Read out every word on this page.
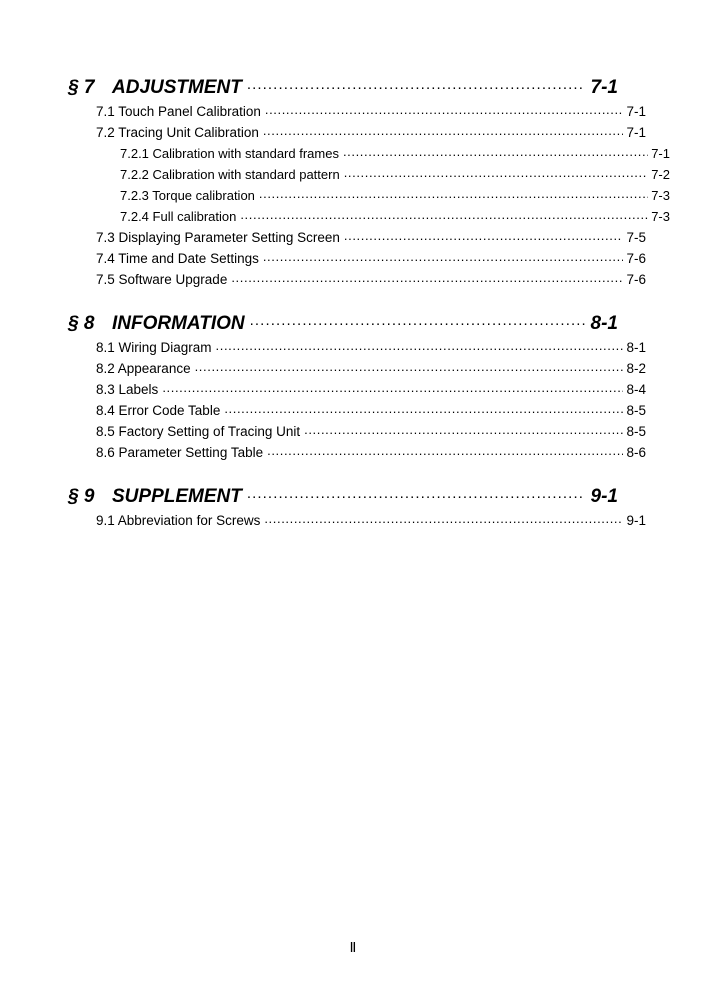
§ 7 ADJUSTMENT .....	7-1
7.1 Touch Panel Calibration .....	7-1
7.2 Tracing Unit Calibration .....	7-1
7.2.1 Calibration with standard frames .....	7-1
7.2.2 Calibration with standard pattern .....	7-2
7.2.3 Torque calibration .....	7-3
7.2.4 Full calibration .....	7-3
7.3 Displaying Parameter Setting Screen .....	7-5
7.4 Time and Date Settings .....	7-6
7.5 Software Upgrade .....	7-6
§ 8 INFORMATION .....	8-1
8.1 Wiring Diagram .....	8-1
8.2 Appearance .....	8-2
8.3 Labels .....	8-4
8.4 Error Code Table .....	8-5
8.5 Factory Setting of Tracing Unit .....	8-5
8.6 Parameter Setting Table .....	8-6
§ 9 SUPPLEMENT .....	9-1
9.1 Abbreviation for Screws .....	9-1
Ⅱ
